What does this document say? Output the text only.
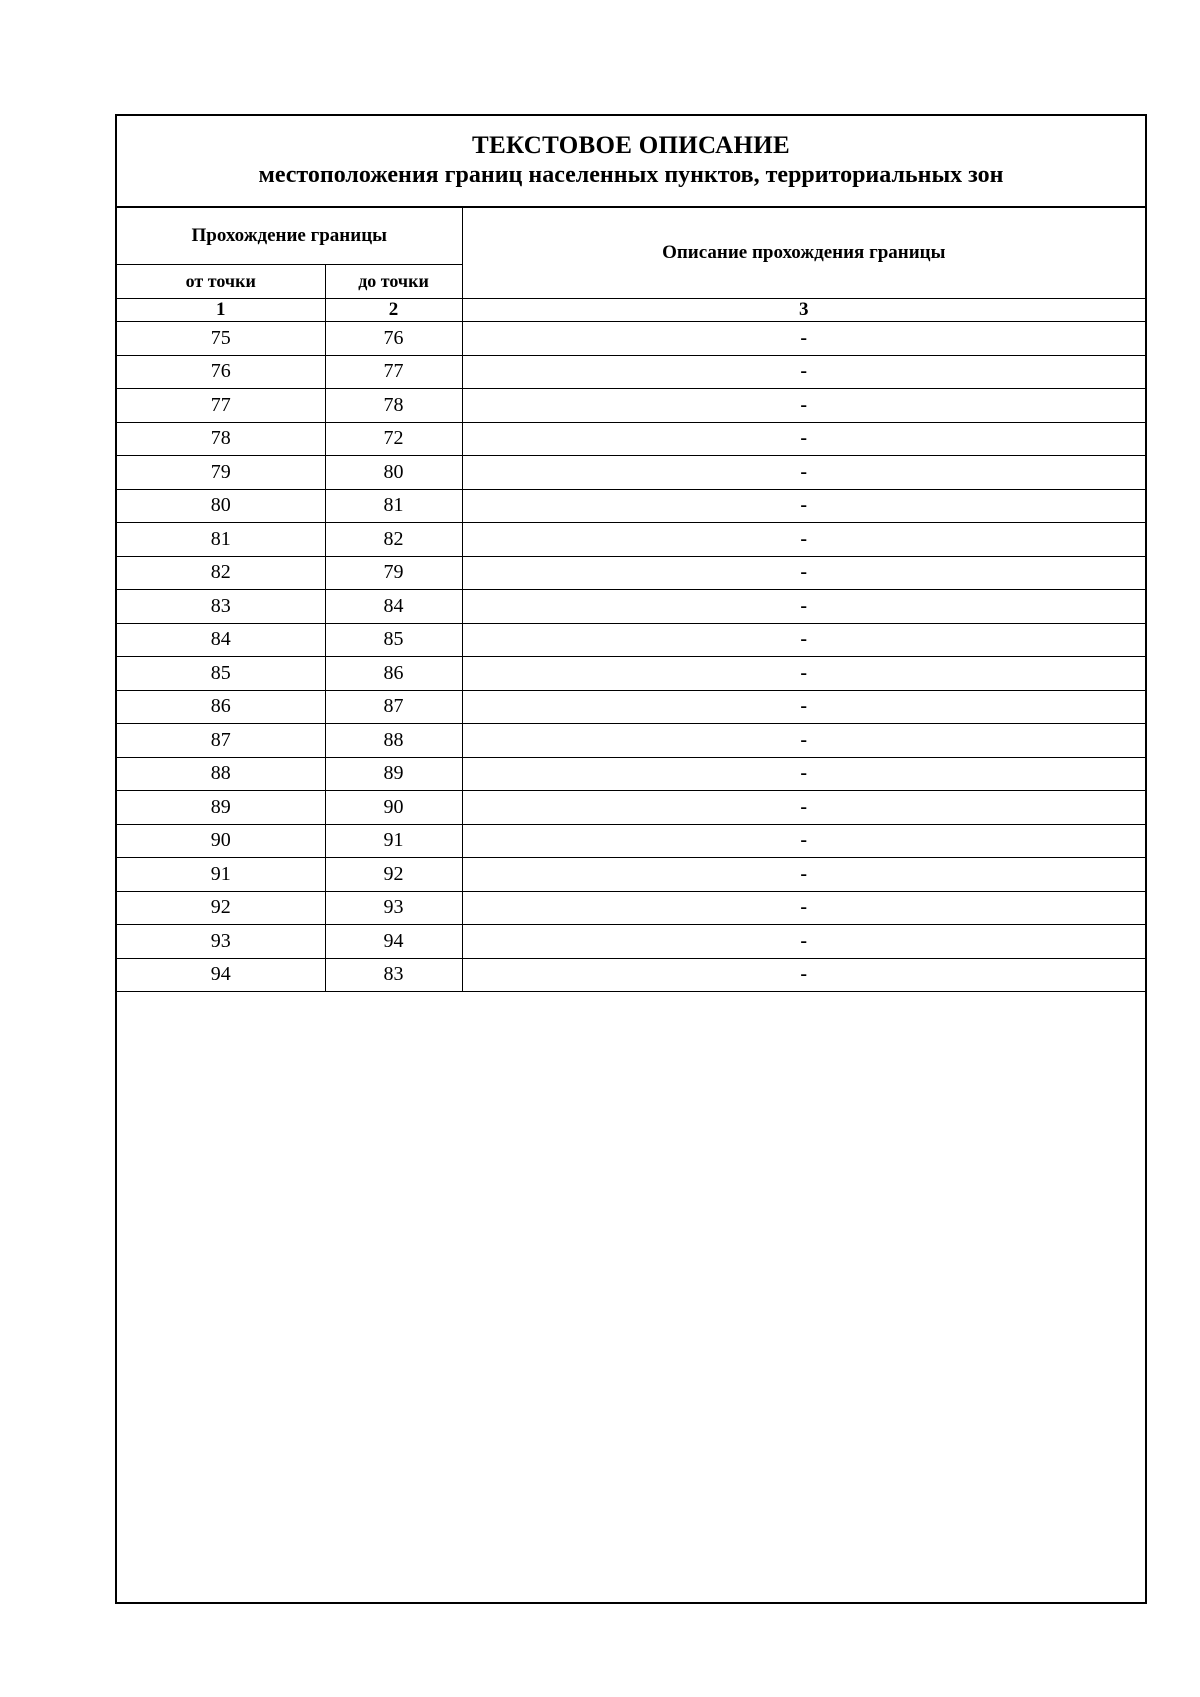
ТЕКСТОВОЕ ОПИСАНИЕ
местоположения границ населенных пунктов, территориальных зон
Прохождение границы		Описание прохождения границы
от точки	до точки	
1	2	3
75	76	-
76	77	-
77	78	-
78	72	-
79	80	-
80	81	-
81	82	-
82	79	-
83	84	-
84	85	-
85	86	-
86	87	-
87	88	-
88	89	-
89	90	-
90	91	-
91	92	-
92	93	-
93	94	-
94	83	-
